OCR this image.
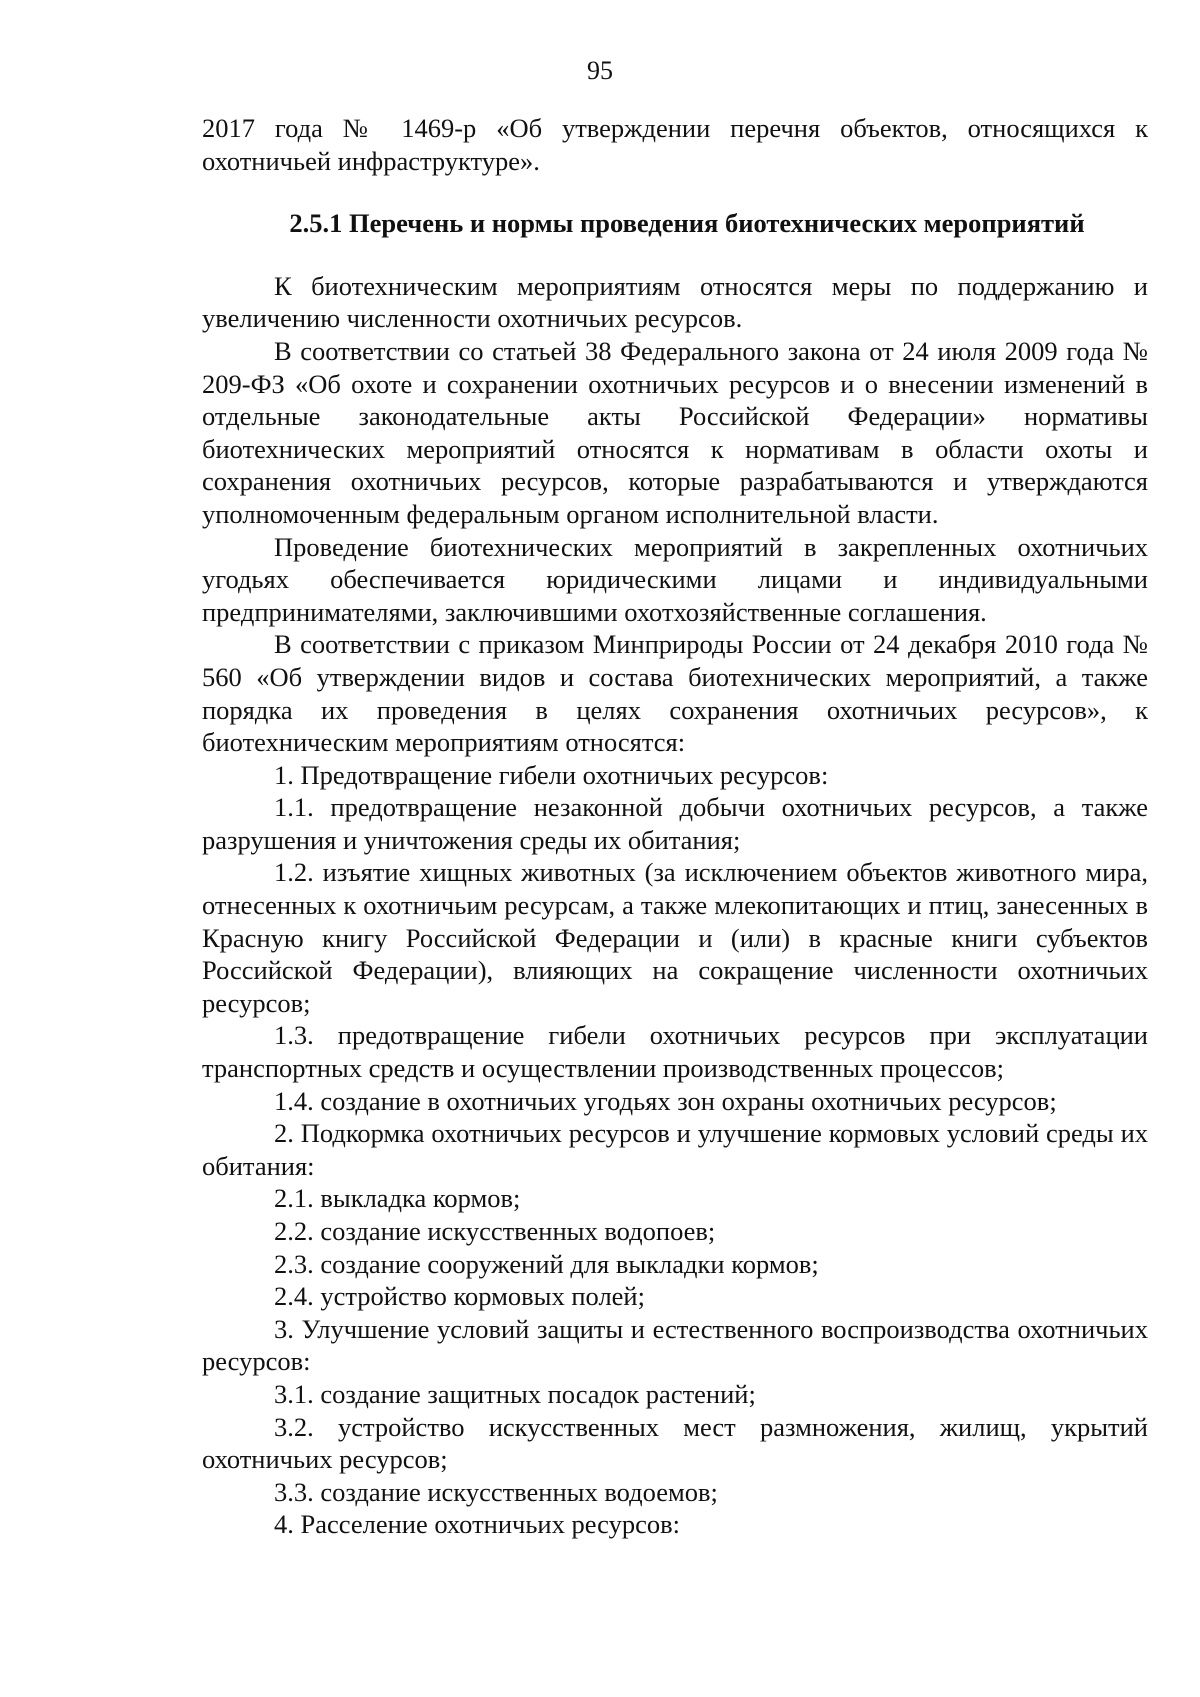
95

2017 года № 1469-р «Об утверждении перечня объектов, относящихся к охотничьей инфраструктуре».

2.5.1 Перечень и нормы проведения биотехнических мероприятий

К биотехническим мероприятиям относятся меры по поддержанию и увеличению численности охотничьих ресурсов.

В соответствии со статьей 38 Федерального закона от 24 июля 2009 года № 209-ФЗ «Об охоте и сохранении охотничьих ресурсов и о внесении изменений в отдельные законодательные акты Российской Федерации» нормативы биотехнических мероприятий относятся к нормативам в области охоты и сохранения охотничьих ресурсов, которые разрабатываются и утверждаются уполномоченным федеральным органом исполнительной власти.

Проведение биотехнических мероприятий в закрепленных охотничьих угодьях обеспечивается юридическими лицами и индивидуальными предпринимателями, заключившими охотхозяйственные соглашения.

В соответствии с приказом Минприроды России от 24 декабря 2010 года № 560 «Об утверждении видов и состава биотехнических мероприятий, а также порядка их проведения в целях сохранения охотничьих ресурсов», к биотехническим мероприятиям относятся:

1. Предотвращение гибели охотничьих ресурсов:

1.1. предотвращение незаконной добычи охотничьих ресурсов, а также разрушения и уничтожения среды их обитания;

1.2. изъятие хищных животных (за исключением объектов животного мира, отнесенных к охотничьим ресурсам, а также млекопитающих и птиц, занесенных в Красную книгу Российской Федерации и (или) в красные книги субъектов Российской Федерации), влияющих на сокращение численности охотничьих ресурсов;

1.3. предотвращение гибели охотничьих ресурсов при эксплуатации транспортных средств и осуществлении производственных процессов;

1.4. создание в охотничьих угодьях зон охраны охотничьих ресурсов;

2. Подкормка охотничьих ресурсов и улучшение кормовых условий среды их обитания:

2.1. выкладка кормов;

2.2. создание искусственных водопоев;

2.3. создание сооружений для выкладки кормов;

2.4. устройство кормовых полей;

3. Улучшение условий защиты и естественного воспроизводства охотничьих ресурсов:

3.1. создание защитных посадок растений;

3.2. устройство искусственных мест размножения, жилищ, укрытий охотничьих ресурсов;

3.3. создание искусственных водоемов;

4. Расселение охотничьих ресурсов:
